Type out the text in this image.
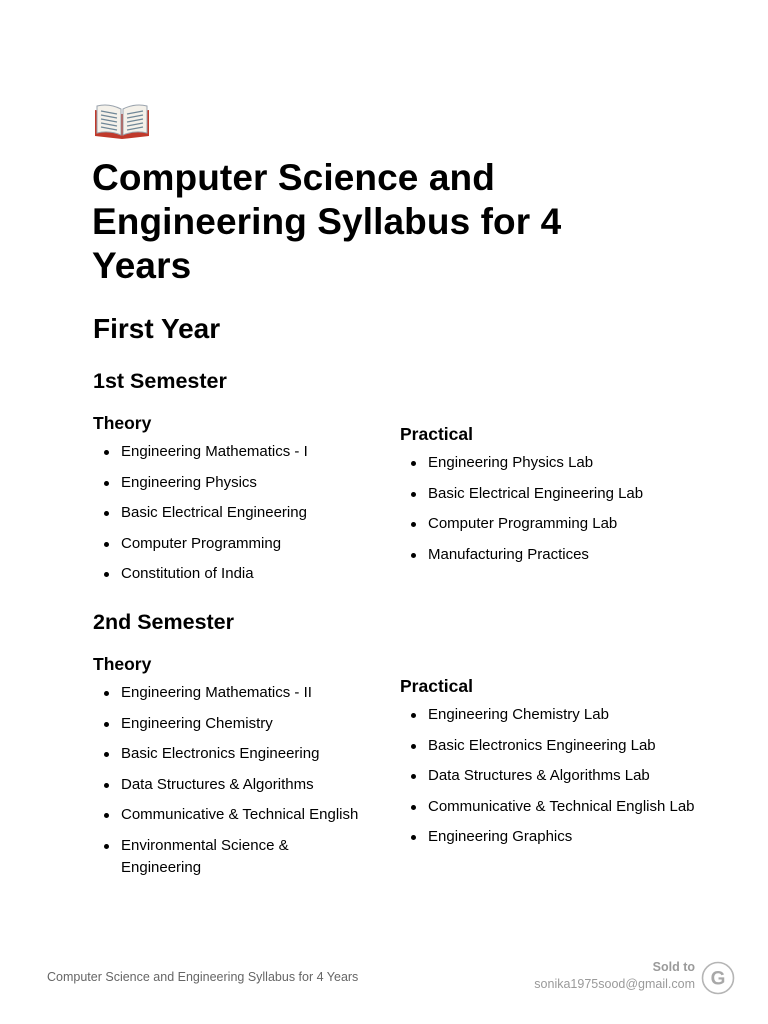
Computer Science and Engineering Syllabus for 4 Years
First Year
1st Semester
Theory
Engineering Mathematics - I
Engineering Physics
Basic Electrical Engineering
Computer Programming
Constitution of India
Practical
Engineering Physics Lab
Basic Electrical Engineering Lab
Computer Programming Lab
Manufacturing Practices
2nd Semester
Theory
Engineering Mathematics - II
Engineering Chemistry
Basic Electronics Engineering
Data Structures & Algorithms
Communicative & Technical English
Environmental Science & Engineering
Practical
Engineering Chemistry Lab
Basic Electronics Engineering Lab
Data Structures & Algorithms Lab
Communicative & Technical English Lab
Engineering Graphics
Computer Science and Engineering Syllabus for 4 Years
Sold to
sonika1975sood@gmail.com G
